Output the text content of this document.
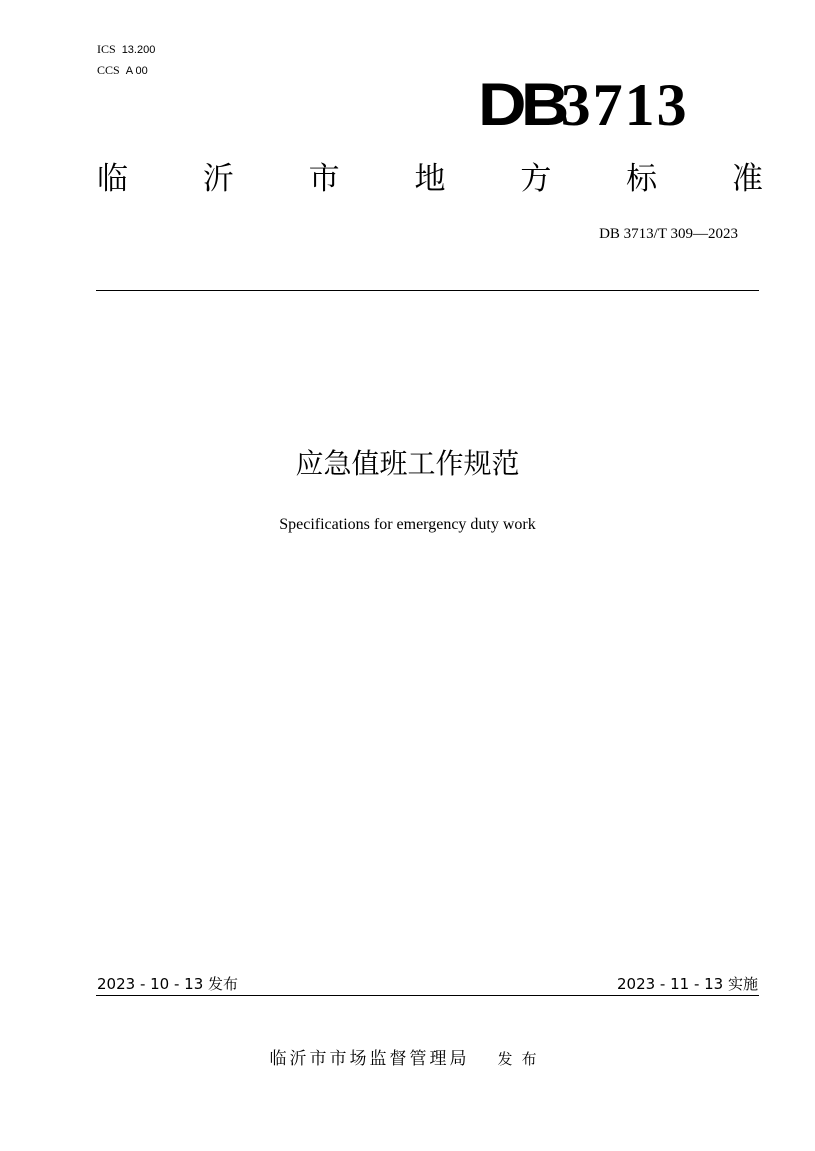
ICS 13.200
CCS A 00	DB
3713
临 沂 市 地 方 标 准
DB 3713/T 309—2023
应急值班工作规范
Specifications for emergency duty work
2023 - 10 - 13 发布	2023 - 11 - 13 实施
临沂市市场监督管理局 发布
